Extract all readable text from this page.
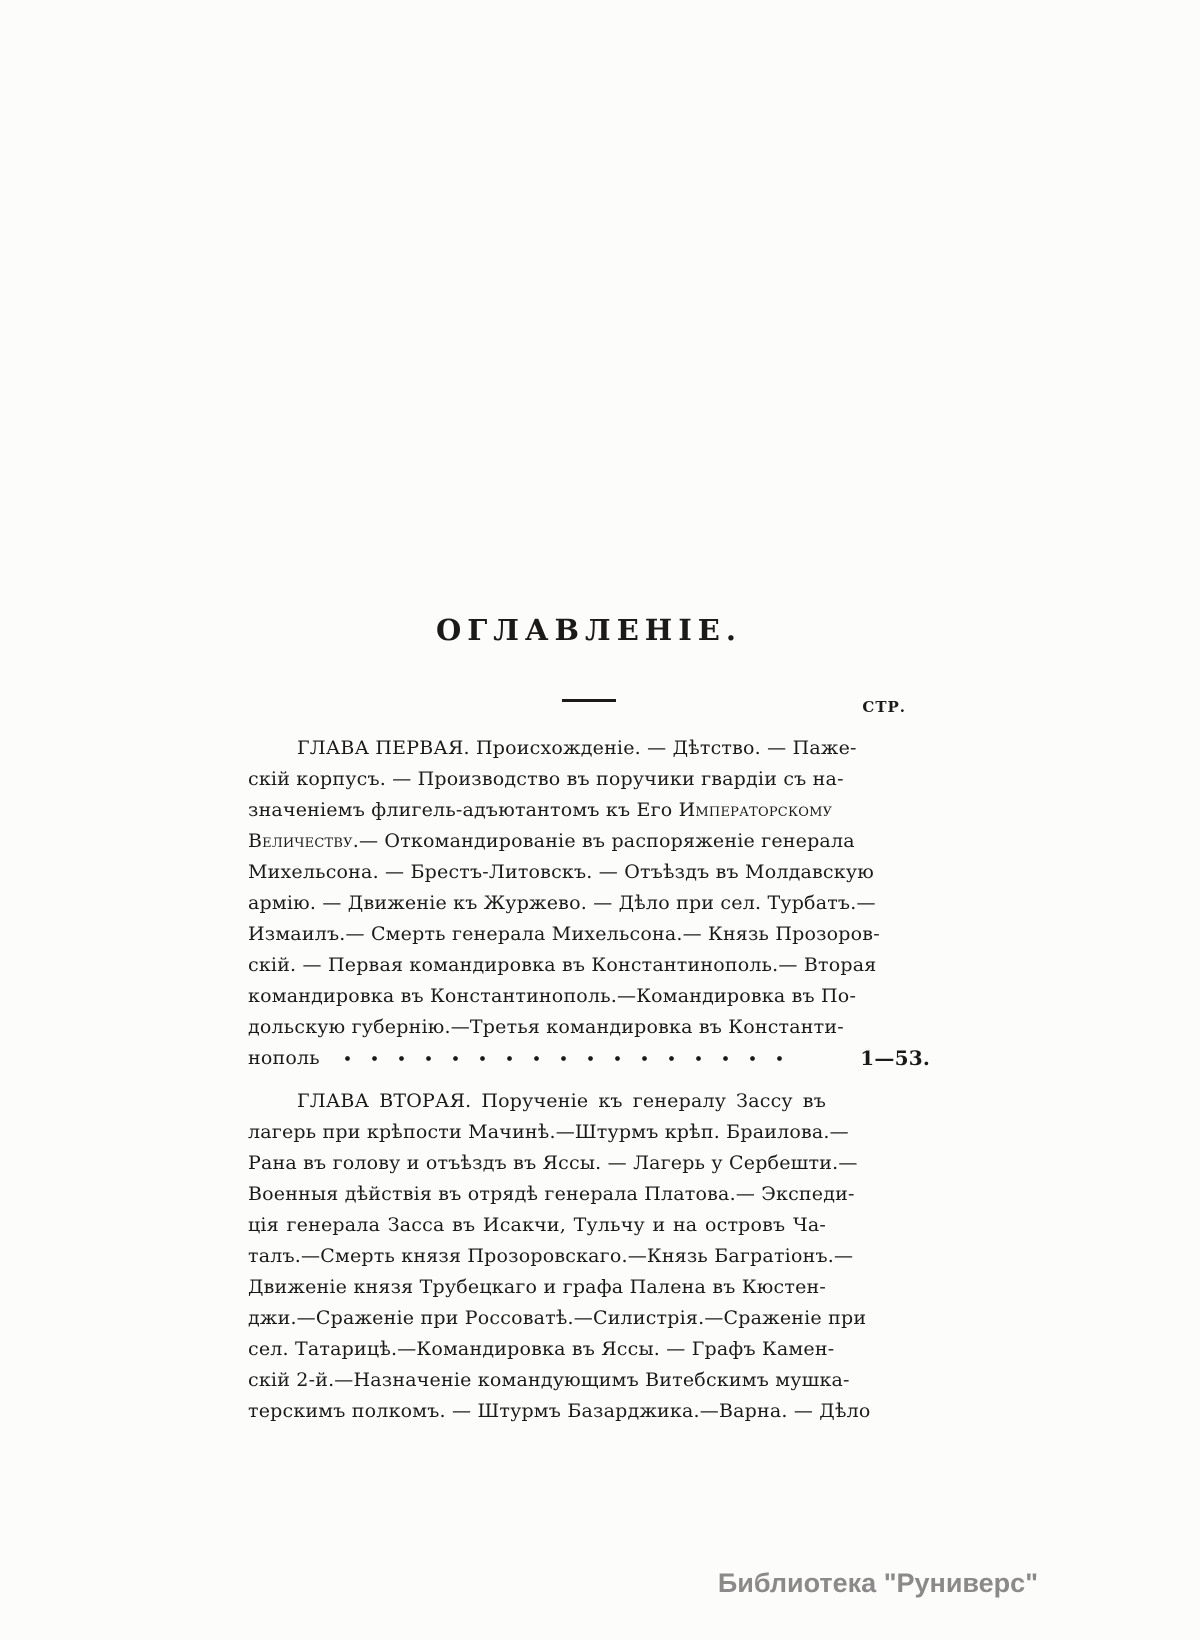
ОГЛАВЛЕНІЕ.
СТР.
ГЛАВА ПЕРВАЯ. Происхожденіе. — Дѣтство. — Паже-
скій корпусъ. — Производство въ поручики гвардіи съ на-
значеніемъ флигель-адъютантомъ къ Его Императорскому
Величеству.— Откомандированіе въ распоряженіе генерала
Михельсона. — Брестъ-Литовскъ. — Отъѣздъ въ Молдавскую
армію. — Движеніе къ Журжево. — Дѣло при сел. Турбатъ.—
Измаилъ.— Смерть генерала Михельсона.— Князь Прозоров-
скій. — Первая командировка въ Константинополь.— Вторая
командировка въ Константинополь.—Командировка въ По-
дольскую губернію.—Третья командировка въ Константи-
нополь	1—53.
ГЛАВА ВТОРАЯ. Порученіе къ генералу Зассу въ
лагерь при крѣпости Мачинѣ.—Штурмъ крѣп. Браилова.—
Рана въ голову и отъѣздъ въ Яссы. — Лагерь у Сербешти.—
Военныя дѣйствія въ отрядѣ генерала Платова.— Экспеди-
ція генерала Засса въ Исакчи, Тульчу и на островъ Ча-
талъ.—Смерть князя Прозоровскаго.—Князь Багратіонъ.—
Движеніе князя Трубецкаго и графа Палена въ Кюстен-
джи.—Сраженіе при Россоватѣ.—Силистрія.—Сраженіе при
сел. Татарицѣ.—Командировка въ Яссы. — Графъ Камен-
скій 2-й.—Назначеніе командующимъ Витебскимъ мушка-
терскимъ полкомъ. — Штурмъ Базарджика.—Варна. — Дѣло
Библиотека "Руниверс"
